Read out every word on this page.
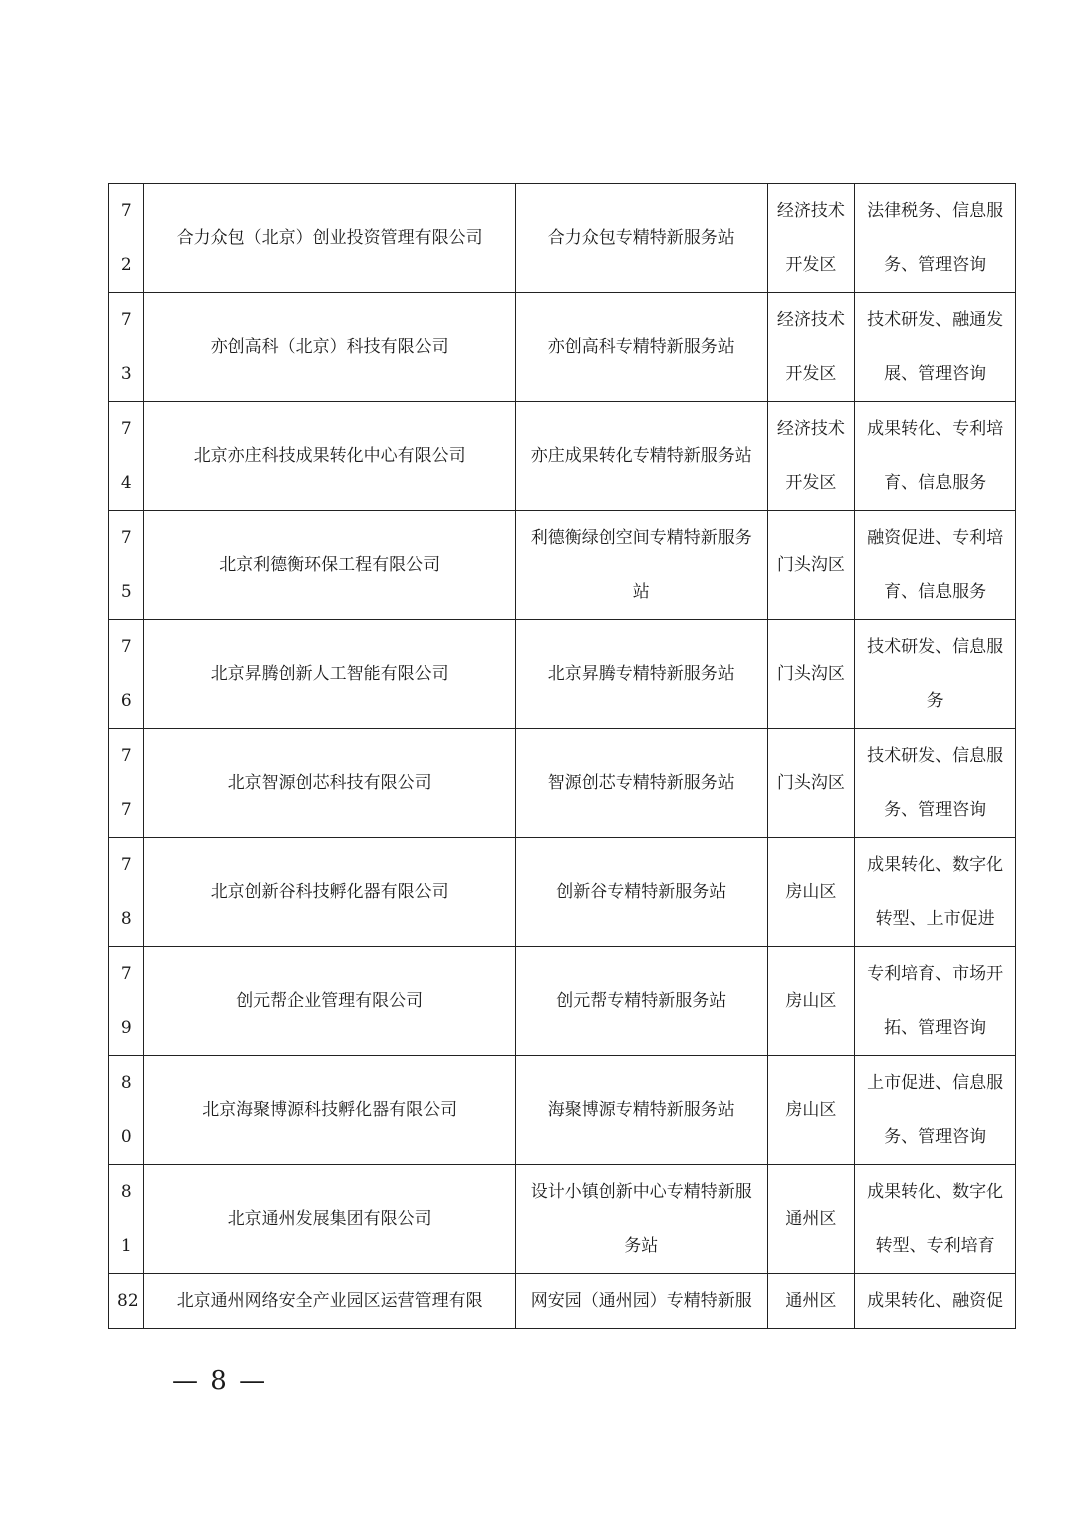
72	合力众包（北京）创业投资管理有限公司	合力众包专精特新服务站	经济技术开发区	法律税务、信息服务、管理咨询
73	亦创高科（北京）科技有限公司	亦创高科专精特新服务站	经济技术开发区	技术研发、融通发展、管理咨询
74	北京亦庄科技成果转化中心有限公司	亦庄成果转化专精特新服务站	经济技术开发区	成果转化、专利培育、信息服务
75	北京利德衡环保工程有限公司	利德衡绿创空间专精特新服务站	门头沟区	融资促进、专利培育、信息服务
76	北京昇腾创新人工智能有限公司	北京昇腾专精特新服务站	门头沟区	技术研发、信息服务
77	北京智源创芯科技有限公司	智源创芯专精特新服务站	门头沟区	技术研发、信息服务、管理咨询
78	北京创新谷科技孵化器有限公司	创新谷专精特新服务站	房山区	成果转化、数字化转型、上市促进
79	创元帮企业管理有限公司	创元帮专精特新服务站	房山区	专利培育、市场开拓、管理咨询
80	北京海聚博源科技孵化器有限公司	海聚博源专精特新服务站	房山区	上市促进、信息服务、管理咨询
81	北京通州发展集团有限公司	设计小镇创新中心专精特新服务站	通州区	成果转化、数字化转型、专利培育
82	北京通州网络安全产业园区运营管理有限	网安园（通州园）专精特新服	通州区	成果转化、融资促
— 8 —
